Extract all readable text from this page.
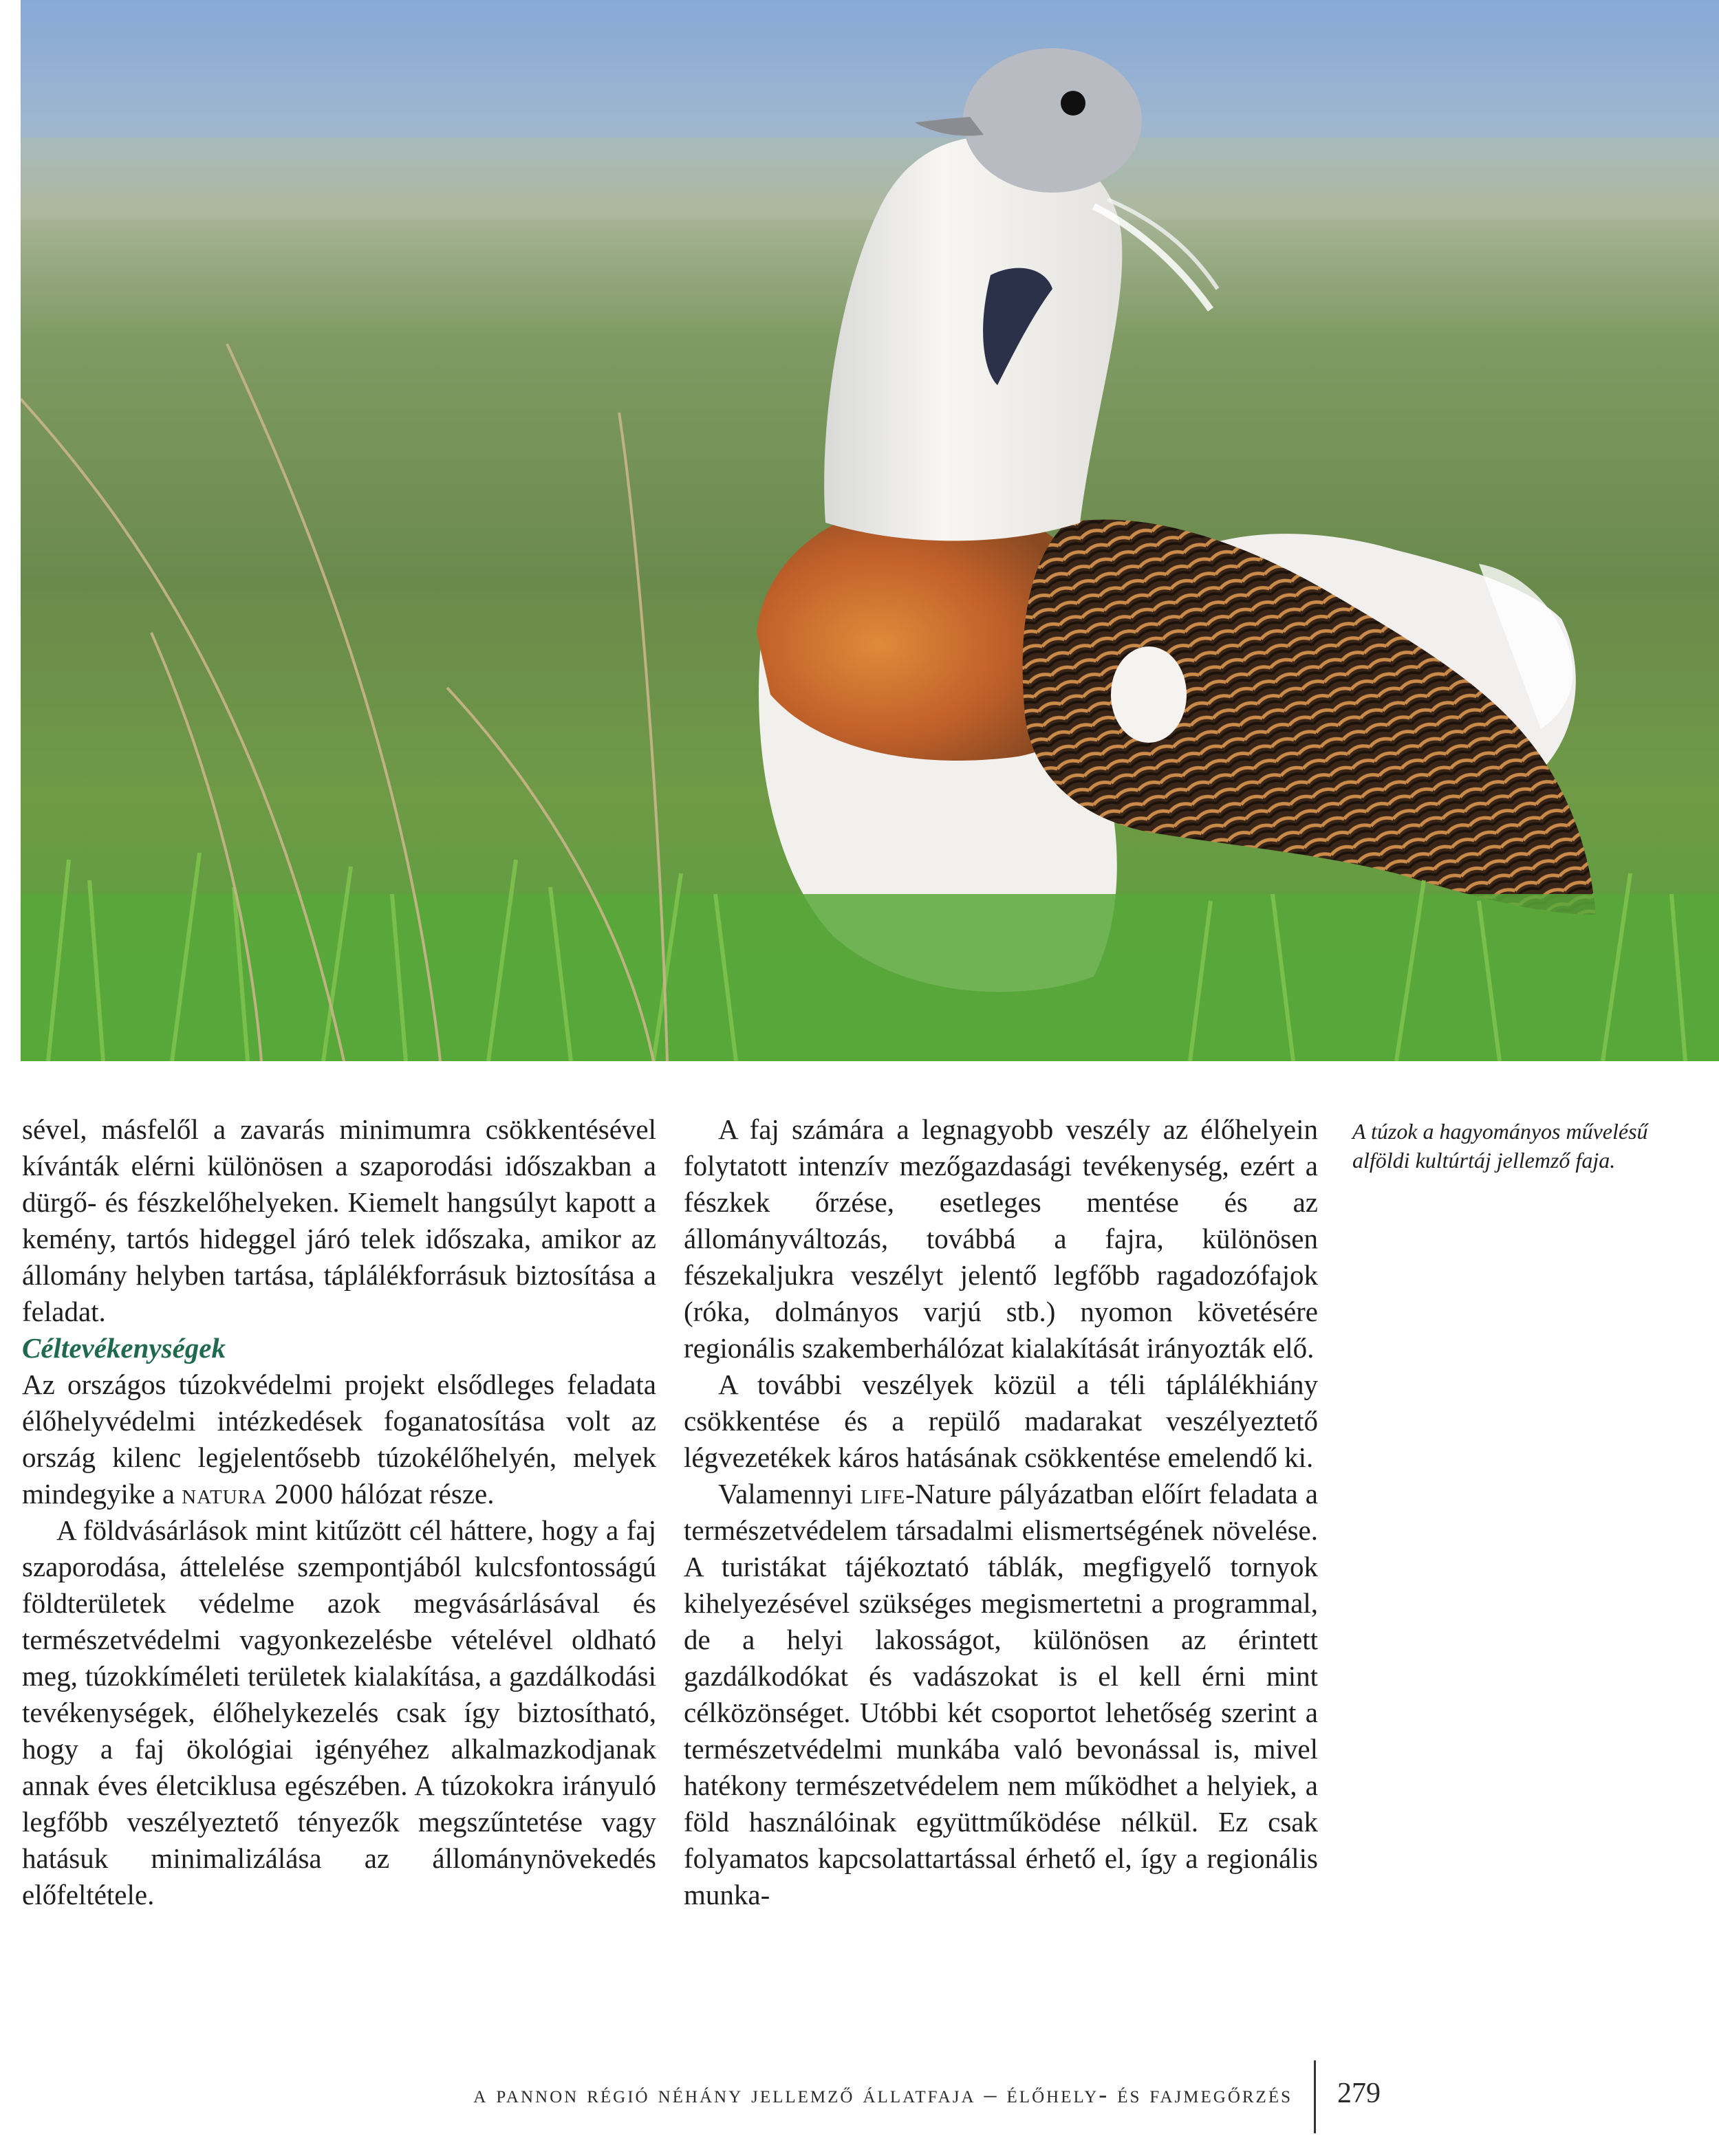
sével, másfelől a zavarás minimumra csökkentésével kívánták elérni különösen a szaporodási időszakban a dürgő- és fészkelőhelyeken. Kiemelt hangsúlyt kapott a kemény, tartós hideggel járó telek időszaka, amikor az állomány helyben tartása, táplálékforrásuk biztosítása a feladat.

Céltevékenységek

Az országos túzokvédelmi projekt elsődleges feladata élőhelyvédelmi intézkedések foganatosítása volt az ország kilenc legjelentősebb túzokélőhelyén, melyek mindegyike a natura 2000 hálózat része.

A földvásárlások mint kitűzött cél háttere, hogy a faj szaporodása, áttelelése szempontjából kulcsfontosságú földterületek védelme azok megvásárlásával és természetvédelmi vagyonkezelésbe vételével oldható meg, túzokkíméleti területek kialakítása, a gazdálkodási tevékenységek, élőhelykezelés csak így biztosítható, hogy a faj ökológiai igényéhez alkalmazkodjanak annak éves életciklusa egészében. A túzokokra irányuló legfőbb veszélyeztető tényezők megszűntetése vagy hatásuk minimalizálása az állománynövekedés előfeltétele.

A faj számára a legnagyobb veszély az élőhelyein folytatott intenzív mezőgazdasági tevékenység, ezért a fészkek őrzése, esetleges mentése és az állományváltozás, továbbá a fajra, különösen fészekaljukra veszélyt jelentő legfőbb ragadozófajok (róka, dolmányos varjú stb.) nyomon követésére regionális szakemberhálózat kialakítását irányozták elő.

A további veszélyek közül a téli táplálékhiány csökkentése és a repülő madarakat veszélyeztető légvezetékek káros hatásának csökkentése emelendő ki.

Valamennyi life-Nature pályázatban előírt feladata a természetvédelem társadalmi elismertségének növelése. A turistákat tájékoztató táblák, megfigyelő tornyok kihelyezésével szükséges megismertetni a programmal, de a helyi lakosságot, különösen az érintett gazdálkodókat és vadászokat is el kell érni mint célközönséget. Utóbbi két csoportot lehetőség szerint a természetvédelmi munkába való bevonással is, mivel hatékony természetvédelem nem működhet a helyiek, a föld használóinak együttműködése nélkül. Ez csak folyamatos kapcsolattartással érhető el, így a regionális munka-

A túzok a hagyományos művelésű alföldi kultúrtáj jellemző faja.
a pannon régió néhány jellemző állatfaja – élőhely- és fajmegőrzés 279
